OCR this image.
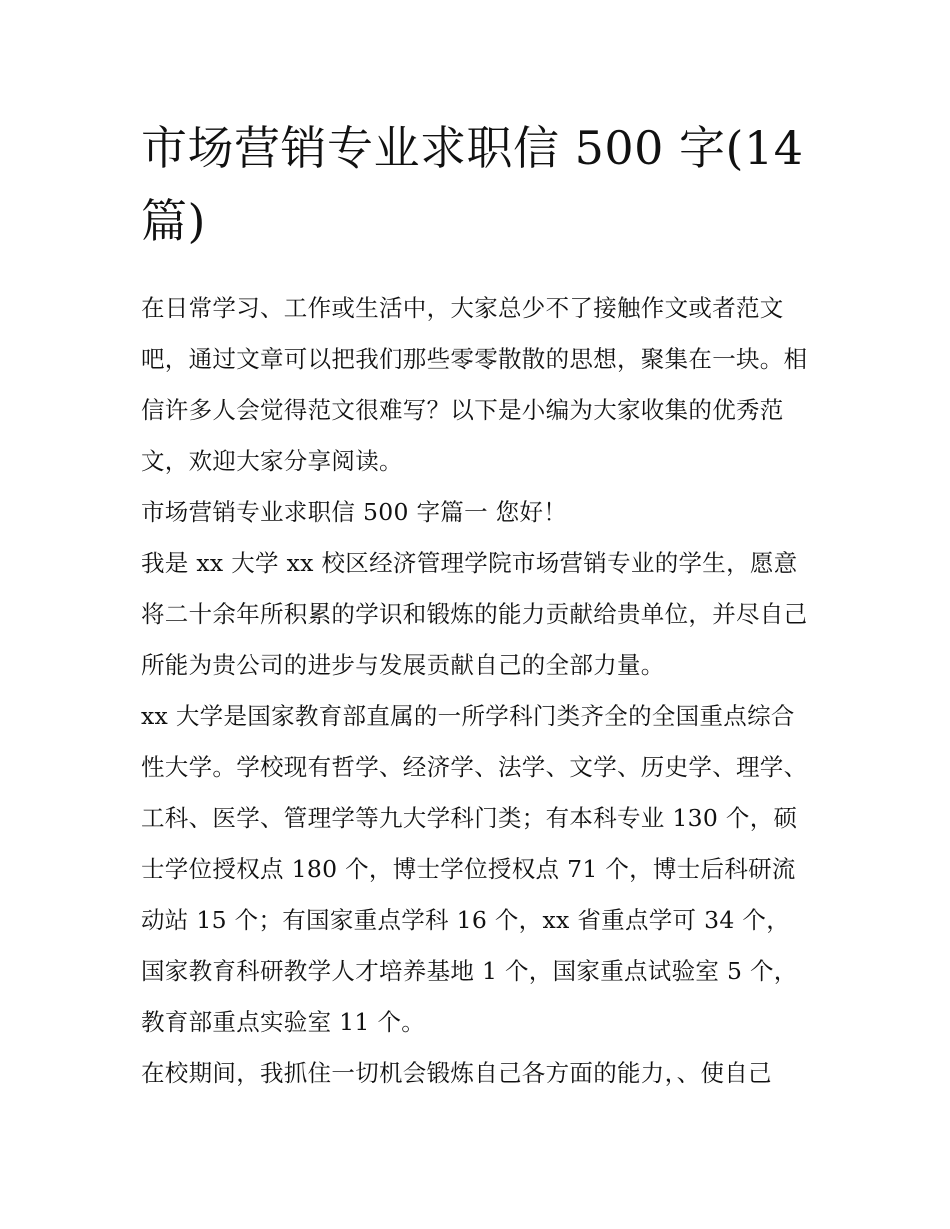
市场营销专业求职信 500 字(14 篇)

在日常学习、工作或生活中，大家总少不了接触作文或者范文吧，通过文章可以把我们那些零零散散的思想，聚集在一块。相信许多人会觉得范文很难写？以下是小编为大家收集的优秀范文，欢迎大家分享阅读。

市场营销专业求职信 500 字篇一 您好！

我是 xx 大学 xx 校区经济管理学院市场营销专业的学生，愿意将二十余年所积累的学识和锻炼的能力贡献给贵单位，并尽自己所能为贵公司的进步与发展贡献自己的全部力量。

xx 大学是国家教育部直属的一所学科门类齐全的全国重点综合性大学。学校现有哲学、经济学、法学、文学、历史学、理学、工科、医学、管理学等九大学科门类；有本科专业 130 个，硕士学位授权点 180 个，博士学位授权点 71 个，博士后科研流动站 15 个；有国家重点学科 16 个，xx 省重点学可 34 个，国家教育科研教学人才培养基地 1 个，国家重点试验室 5 个，教育部重点实验室 11 个。

在校期间，我抓住一切机会锻炼自己各方面的能力，、使自己
